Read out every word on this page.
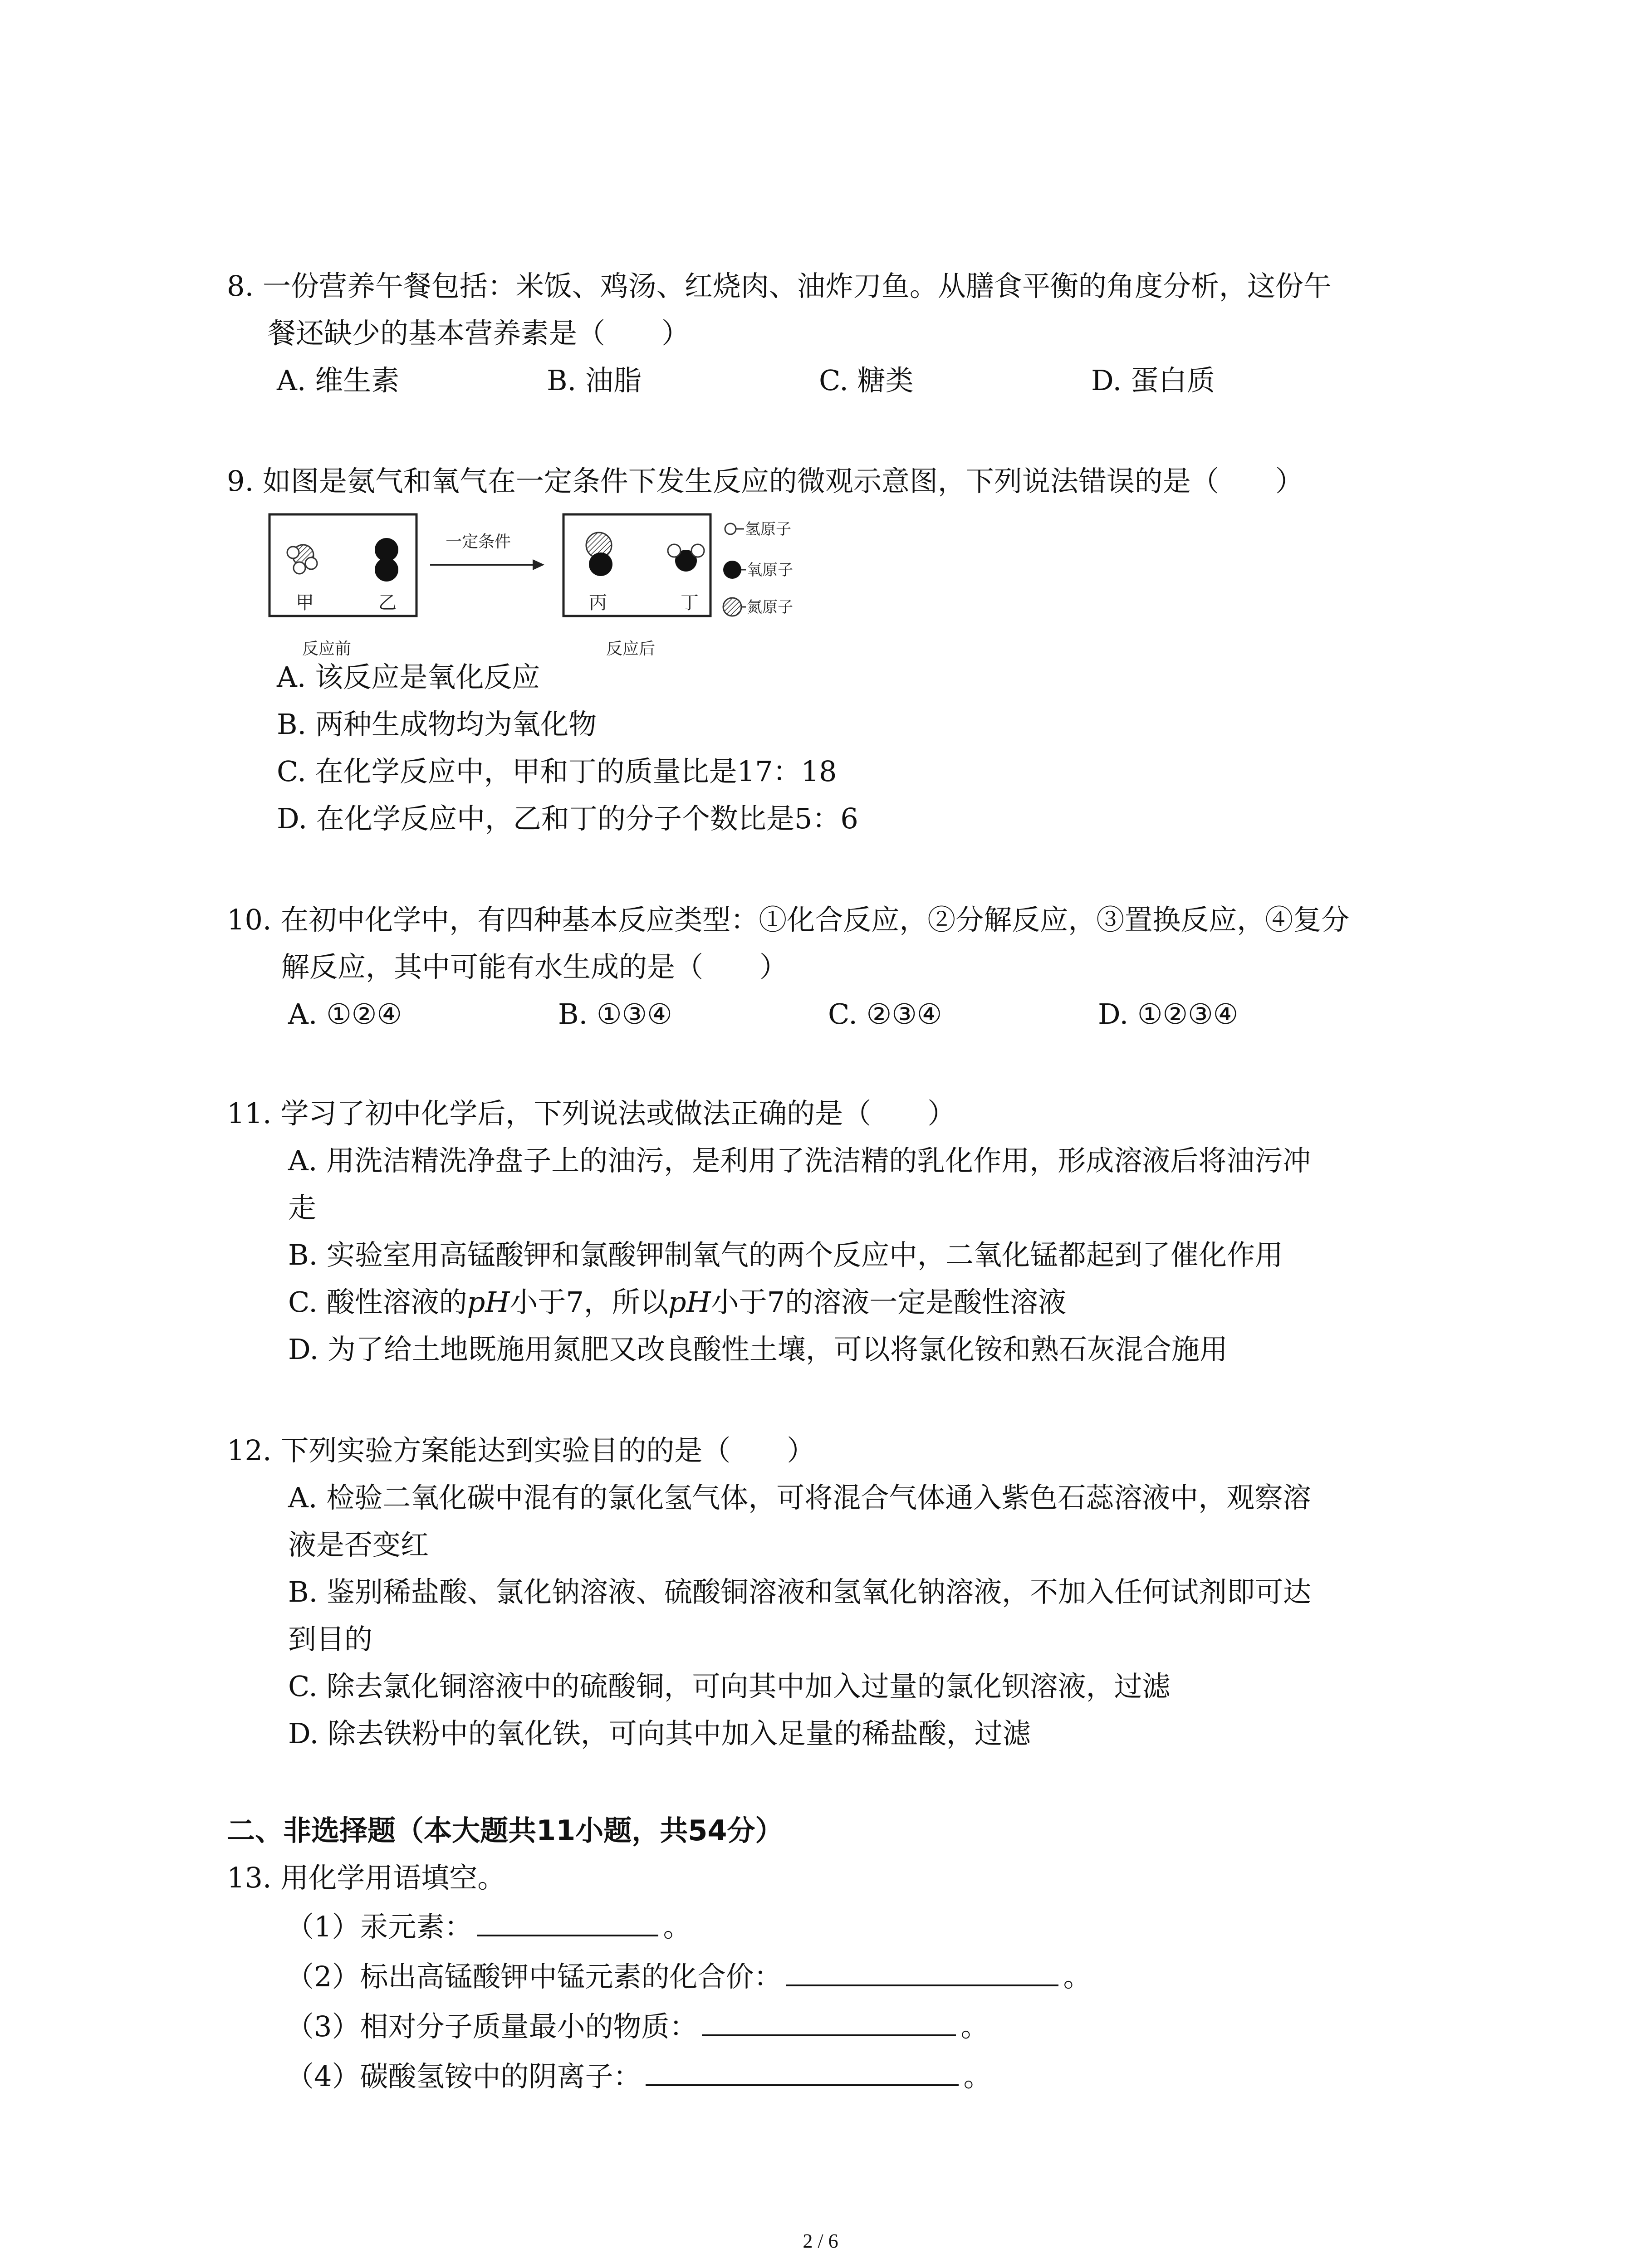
8. 一份营养午餐包括：米饭、鸡汤、红烧肉、油炸刀鱼。从膳食平衡的角度分析，这份午
餐还缺少的基本营养素是（　　）
A. 维生素	B. 油脂	C. 糖类	D. 蛋白质
9. 如图是氨气和氧气在一定条件下发生反应的微观示意图，下列说法错误的是（　　）
甲	乙
一定条件
丙	丁
氢原子
氧原子
氮原子
反应前	反应后
A. 该反应是氧化反应
B. 两种生成物均为氧化物
C. 在化学反应中，甲和丁的质量比是17：18
D. 在化学反应中，乙和丁的分子个数比是5：6
10. 在初中化学中，有四种基本反应类型：①化合反应，②分解反应，③置换反应，④复分
解反应，其中可能有水生成的是（　　）
A. ①②④	B. ①③④	C. ②③④	D. ①②③④
11. 学习了初中化学后，下列说法或做法正确的是（　　）
A. 用洗洁精洗净盘子上的油污，是利用了洗洁精的乳化作用，形成溶液后将油污冲
走
B. 实验室用高锰酸钾和氯酸钾制氧气的两个反应中，二氧化锰都起到了催化作用
C. 酸性溶液的pH小于7，所以pH小于7的溶液一定是酸性溶液
D. 为了给土地既施用氮肥又改良酸性土壤，可以将氯化铵和熟石灰混合施用
12. 下列实验方案能达到实验目的的是（　　）
A. 检验二氧化碳中混有的氯化氢气体，可将混合气体通入紫色石蕊溶液中，观察溶
液是否变红
B. 鉴别稀盐酸、氯化钠溶液、硫酸铜溶液和氢氧化钠溶液，不加入任何试剂即可达
到目的
C. 除去氯化铜溶液中的硫酸铜，可向其中加入过量的氯化钡溶液，过滤
D. 除去铁粉中的氧化铁，可向其中加入足量的稀盐酸，过滤
二、非选择题（本大题共11小题，共54分）
13. 用化学用语填空。
（1）汞元素：	。
（2）标出高锰酸钾中锰元素的化合价：	。
（3）相对分子质量最小的物质：	。
（4）碳酸氢铵中的阴离子：	。
2 / 6
